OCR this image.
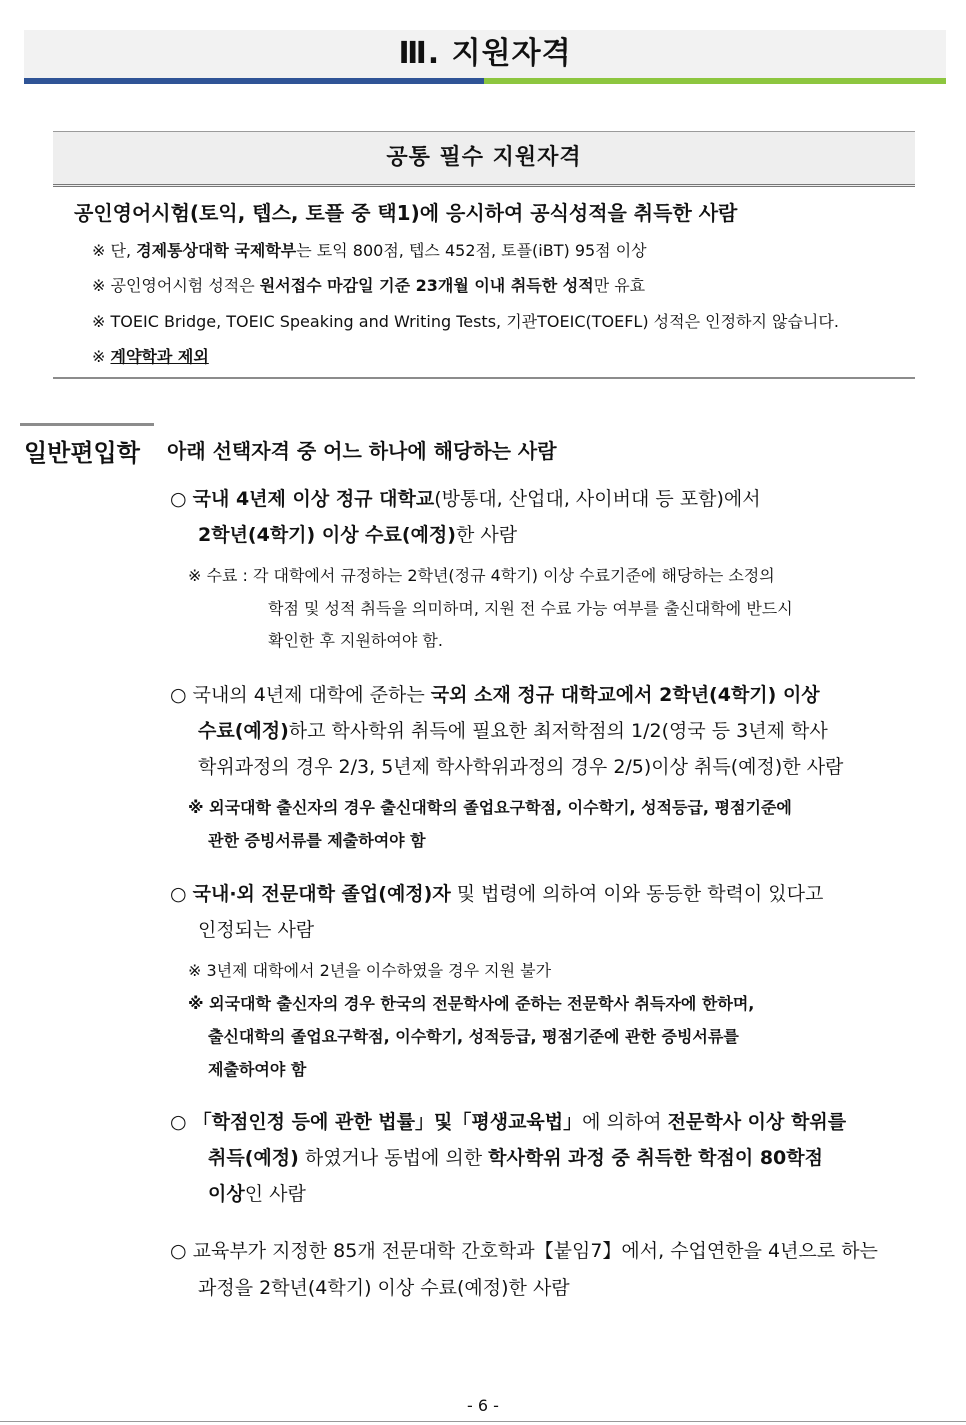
Ⅲ. 지원자격
공통 필수 지원자격
공인영어시험(토익, 텝스, 토플 중 택1)에 응시하여 공식성적을 취득한 사람
※ 단, 경제통상대학 국제학부는 토익 800점, 텝스 452점, 토플(iBT) 95점 이상
※ 공인영어시험 성적은 원서접수 마감일 기준 23개월 이내 취득한 성적만 유효
※ TOEIC Bridge, TOEIC Speaking and Writing Tests, 기관TOEIC(TOEFL) 성적은 인정하지 않습니다.
※ 계약학과 제외
일반편입학 아래 선택자격 중 어느 하나에 해당하는 사람
○ 국내 4년제 이상 정규 대학교(방통대, 산업대, 사이버대 등 포함)에서
2학년(4학기) 이상 수료(예정)한 사람
※ 수료 : 각 대학에서 규정하는 2학년(정규 4학기) 이상 수료기준에 해당하는 소정의
학점 및 성적 취득을 의미하며, 지원 전 수료 가능 여부를 출신대학에 반드시
확인한 후 지원하여야 함.
○ 국내의 4년제 대학에 준하는 국외 소재 정규 대학교에서 2학년(4학기) 이상
수료(예정)하고 학사학위 취득에 필요한 최저학점의 1/2(영국 등 3년제 학사
학위과정의 경우 2/3, 5년제 학사학위과정의 경우 2/5)이상 취득(예정)한 사람
※ 외국대학 출신자의 경우 출신대학의 졸업요구학점, 이수학기, 성적등급, 평점기준에
관한 증빙서류를 제출하여야 함
○ 국내·외 전문대학 졸업(예정)자 및 법령에 의하여 이와 동등한 학력이 있다고
인정되는 사람
※ 3년제 대학에서 2년을 이수하였을 경우 지원 불가
※ 외국대학 출신자의 경우 한국의 전문학사에 준하는 전문학사 취득자에 한하며,
출신대학의 졸업요구학점, 이수학기, 성적등급, 평점기준에 관한 증빙서류를
제출하여야 함
○ 「학점인정 등에 관한 법률」및「평생교육법」에 의하여 전문학사 이상 학위를
취득(예정) 하였거나 동법에 의한 학사학위 과정 중 취득한 학점이 80학점
이상인 사람
○ 교육부가 지정한 85개 전문대학 간호학과【붙임7】에서, 수업연한을 4년으로 하는
과정을 2학년(4학기) 이상 수료(예정)한 사람
- 6 -
